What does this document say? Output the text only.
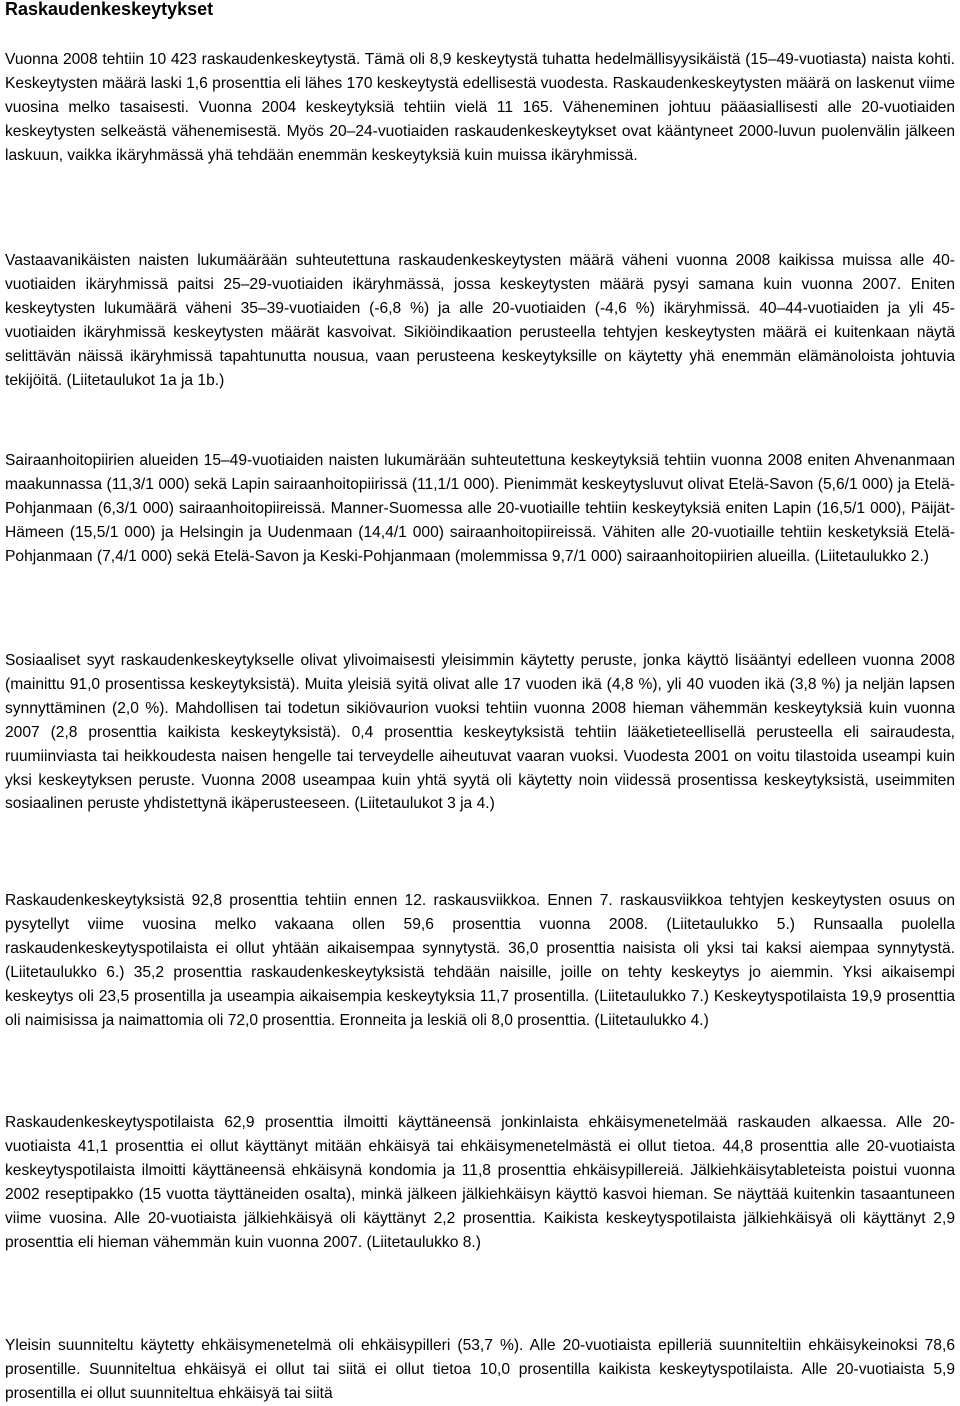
Raskaudenkeskeytykset

Vuonna 2008 tehtiin 10 423 raskaudenkeskeytystä. Tämä oli 8,9 keskeytystä tuhatta hedelmällisyysikäistä (15–49-vuotiasta) naista kohti. Keskeytysten määrä laski 1,6 prosenttia eli lähes 170 keskeytystä edellisestä vuodesta. Raskaudenkeskeytysten määrä on laskenut viime vuosina melko tasaisesti. Vuonna 2004 keskeytyksiä tehtiin vielä 11 165. Väheneminen johtuu pääasiallisesti alle 20-vuotiaiden keskeytysten selkeästä vähenemisestä. Myös 20–24-vuotiaiden raskaudenkeskeytykset ovat kääntyneet 2000-luvun puolenvälin jälkeen laskuun, vaikka ikäryhmässä yhä tehdään enemmän keskeytyksiä kuin muissa ikäryhmissä.

Vastaavanikäisten naisten lukumäärään suhteutettuna raskaudenkeskeytysten määrä väheni vuonna 2008 kaikissa muissa alle 40-vuotiaiden ikäryhmissä paitsi 25–29-vuotiaiden ikäryhmässä, jossa keskeytysten määrä pysyi samana kuin vuonna 2007. Eniten keskeytysten lukumäärä väheni 35–39-vuotiaiden (-6,8 %) ja alle 20-vuotiaiden (-4,6 %) ikäryhmissä. 40–44-vuotiaiden ja yli 45-vuotiaiden ikäryhmissä keskeytysten määrät kasvoivat. Sikiöindikaation perusteella tehtyjen keskeytysten määrä ei kuitenkaan näytä selittävän näissä ikäryhmissä tapahtunutta nousua, vaan perusteena keskeytyksille on käytetty yhä enemmän elämänoloista johtuvia tekijöitä. (Liitetaulukot 1a ja 1b.)

Sairaanhoitopiirien alueiden 15–49-vuotiaiden naisten lukumärään suhteutettuna keskeytyksiä tehtiin vuonna 2008 eniten Ahvenanmaan maakunnassa (11,3/1 000) sekä Lapin sairaanhoitopiirissä (11,1/1 000). Pienimmät keskeytysluvut olivat Etelä-Savon (5,6/1 000) ja Etelä-Pohjanmaan (6,3/1 000) sairaanhoitopiireissä. Manner-Suomessa alle 20-vuotiaille tehtiin keskeytyksiä eniten Lapin (16,5/1 000), Päijät-Hämeen (15,5/1 000) ja Helsingin ja Uudenmaan (14,4/1 000) sairaanhoitopiireissä. Vähiten alle 20-vuotiaille tehtiin kesketyksiä Etelä-Pohjanmaan (7,4/1 000) sekä Etelä-Savon ja Keski-Pohjanmaan (molemmissa 9,7/1 000) sairaanhoitopiirien alueilla. (Liitetaulukko 2.)

Sosiaaliset syyt raskaudenkeskeytykselle olivat ylivoimaisesti yleisimmin käytetty peruste, jonka käyttö lisääntyi edelleen vuonna 2008 (mainittu 91,0 prosentissa keskeytyksistä). Muita yleisiä syitä olivat alle 17 vuoden ikä (4,8 %), yli 40 vuoden ikä (3,8 %) ja neljän lapsen synnyttäminen (2,0 %). Mahdollisen tai todetun sikiövaurion vuoksi tehtiin vuonna 2008 hieman vähemmän keskeytyksiä kuin vuonna 2007 (2,8 prosenttia kaikista keskeytyksistä). 0,4 prosenttia keskeytyksistä tehtiin lääketieteellisellä perusteella eli sairaudesta, ruumiinviasta tai heikkoudesta naisen hengelle tai terveydelle aiheutuvat vaaran vuoksi. Vuodesta 2001 on voitu tilastoida useampi kuin yksi keskeytyksen peruste. Vuonna 2008 useampaa kuin yhtä syytä oli käytetty noin viidessä prosentissa keskeytyksistä, useimmiten sosiaalinen peruste yhdistettynä ikäperusteeseen. (Liitetaulukot 3 ja 4.)

Raskaudenkeskeytyksistä 92,8 prosenttia tehtiin ennen 12. raskausviikkoa. Ennen 7. raskausviikkoa tehtyjen keskeytysten osuus on pysytellyt viime vuosina melko vakaana ollen 59,6 prosenttia vuonna 2008. (Liitetaulukko 5.) Runsaalla puolella raskaudenkeskeytyspotilaista ei ollut yhtään aikaisempaa synnytystä. 36,0 prosenttia naisista oli yksi tai kaksi aiempaa synnytystä. (Liitetaulukko 6.) 35,2 prosenttia raskaudenkeskeytyksistä tehdään naisille, joille on tehty keskeytys jo aiemmin. Yksi aikaisempi keskeytys oli 23,5 prosentilla ja useampia aikaisempia keskeytyksia 11,7 prosentilla. (Liitetaulukko 7.) Keskeytyspotilaista 19,9 prosenttia oli naimisissa ja naimattomia oli 72,0 prosenttia. Eronneita ja leskiä oli 8,0 prosenttia. (Liitetaulukko 4.)

Raskaudenkeskeytyspotilaista 62,9 prosenttia ilmoitti käyttäneensä jonkinlaista ehkäisymenetelmää raskauden alkaessa. Alle 20-vuotiaista 41,1 prosenttia ei ollut käyttänyt mitään ehkäisyä tai ehkäisymenetelmästä ei ollut tietoa. 44,8 prosenttia alle 20-vuotiaista keskeytyspotilaista ilmoitti käyttäneensä ehkäisynä kondomia ja 11,8 prosenttia ehkäisypillereiä. Jälkiehkäisytableteista poistui vuonna 2002 reseptipakko (15 vuotta täyttäneiden osalta), minkä jälkeen jälkiehkäisyn käyttö kasvoi hieman. Se näyttää kuitenkin tasaantuneen viime vuosina. Alle 20-vuotiaista jälkiehkäisyä oli käyttänyt 2,2 prosenttia. Kaikista keskeytyspotilaista jälkiehkäisyä oli käyttänyt 2,9 prosenttia eli hieman vähemmän kuin vuonna 2007. (Liitetaulukko 8.)

Yleisin suunniteltu käytetty ehkäisymenetelmä oli ehkäisypilleri (53,7 %). Alle 20-vuotiaista epilleriä suunniteltiin ehkäisykeinoksi 78,6 prosentille. Suunniteltua ehkäisyä ei ollut tai siitä ei ollut tietoa 10,0 prosentilla kaikista keskeytyspotilaista. Alle 20-vuotiaista 5,9 prosentilla ei ollut suunniteltua ehkäisyä tai siitä
